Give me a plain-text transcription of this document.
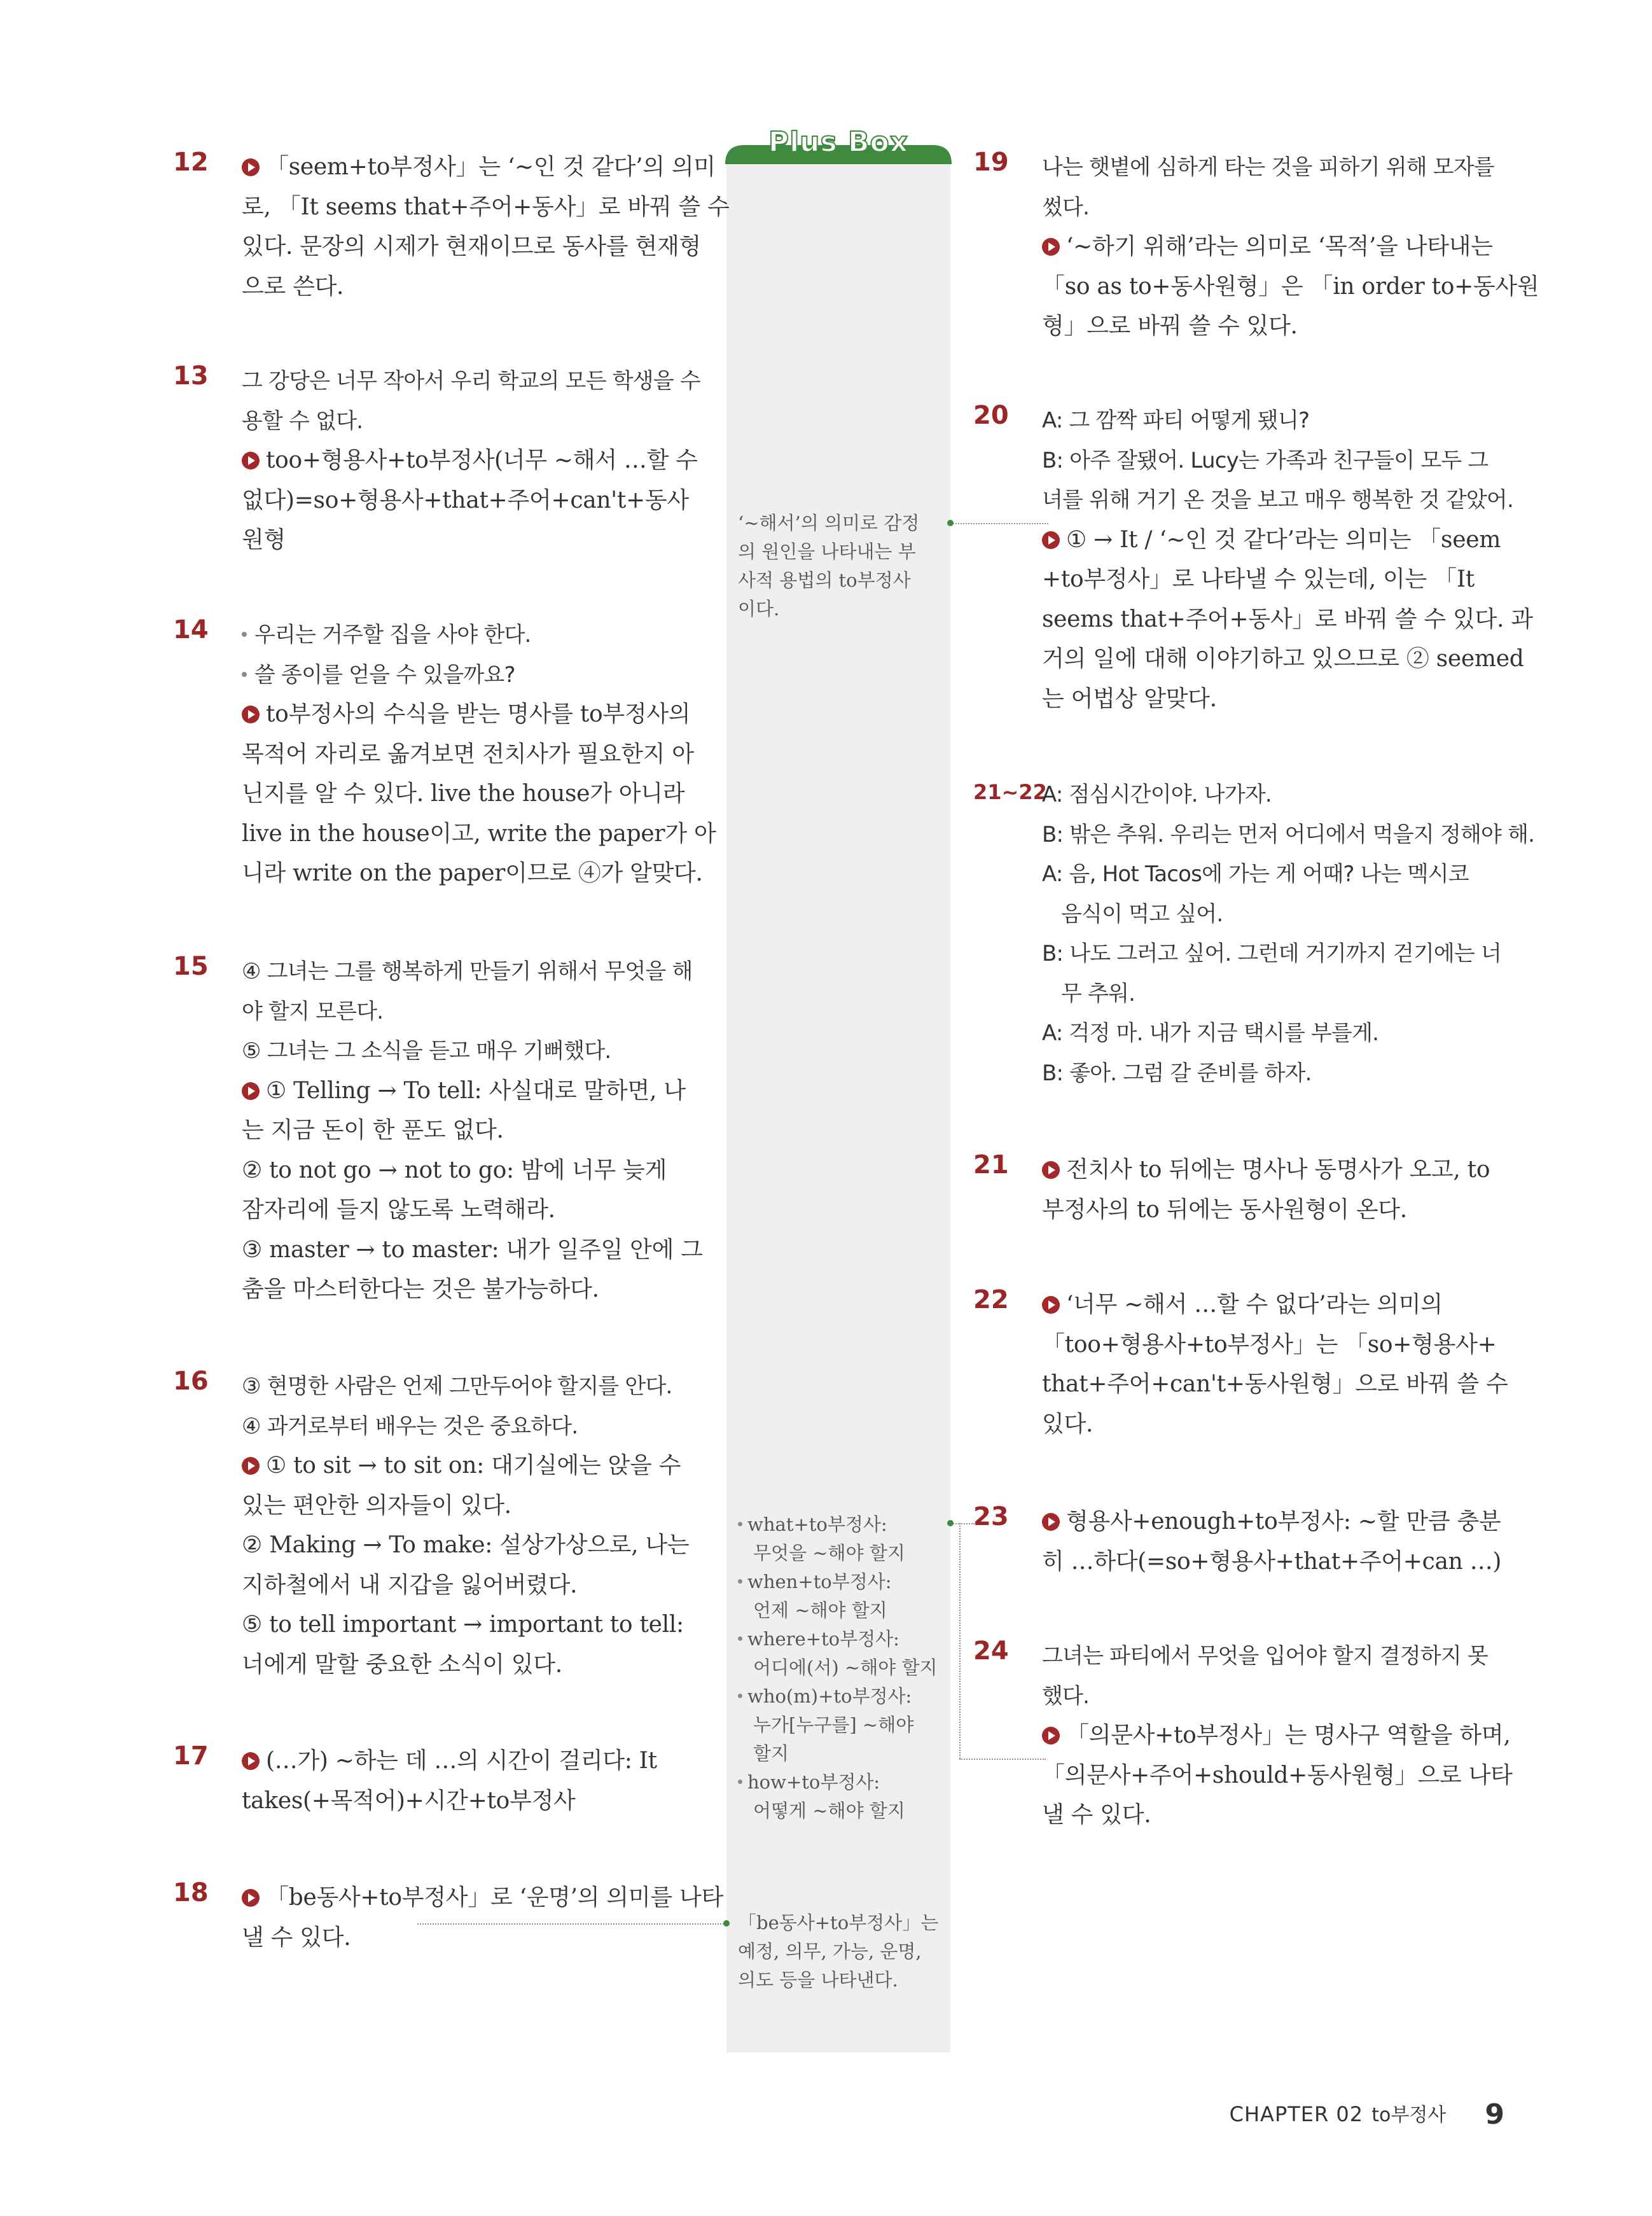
Plus Box
12	「seem+to부정사」는 ‘~인 것 같다’의 의미
로, 「It seems that+주어+동사」로 바꿔 쓸 수
있다. 문장의 시제가 현재이므로 동사를 현재형
으로 쓴다.
13 그 강당은 너무 작아서 우리 학교의 모든 학생을 수
용할 수 없다.
too+형용사+to부정사(너무 ~해서 …할 수
없다)=so+형용사+that+주어+can't+동사
원형
14	우리는 거주할 집을 사야 한다.
쓸 종이를 얻을 수 있을까요?
to부정사의 수식을 받는 명사를 to부정사의
목적어 자리로 옮겨보면 전치사가 필요한지 아
닌지를 알 수 있다. live the house가 아니라
live in the house이고, write the paper가 아
니라 write on the paper이므로 ④가 알맞다.
15 ④ 그녀는 그를 행복하게 만들기 위해서 무엇을 해
야 할지 모른다.
⑤ 그녀는 그 소식을 듣고 매우 기뻐했다.
① Telling → To tell: 사실대로 말하면, 나
는 지금 돈이 한 푼도 없다.
② to not go → not to go: 밤에 너무 늦게
잠자리에 들지 않도록 노력해라.
③ master → to master: 내가 일주일 안에 그
춤을 마스터한다는 것은 불가능하다.
16 ③ 현명한 사람은 언제 그만두어야 할지를 안다.
④ 과거로부터 배우는 것은 중요하다.
① to sit → to sit on: 대기실에는 앉을 수
있는 편안한 의자들이 있다.
② Making → To make: 설상가상으로, 나는
지하철에서 내 지갑을 잃어버렸다.
⑤ to tell important → important to tell:
너에게 말할 중요한 소식이 있다.
17	(…가) ~하는 데 …의 시간이 걸리다: It
takes(+목적어)+시간+to부정사
18	「be동사+to부정사」로 ‘운명’의 의미를 나타
낼 수 있다.
19 나는 햇볕에 심하게 타는 것을 피하기 위해 모자를
썼다.
‘~하기 위해’라는 의미로 ‘목적’을 나타내는
「so as to+동사원형」은 「in order to+동사원
형」으로 바꿔 쓸 수 있다.
20 A: 그 깜짝 파티 어떻게 됐니?
B: 아주 잘됐어. Lucy는 가족과 친구들이 모두 그
녀를 위해 거기 온 것을 보고 매우 행복한 것 같았어.
① → It / ‘~인 것 같다’라는 의미는 「seem
+to부정사」로 나타낼 수 있는데, 이는 「It
seems that+주어+동사」로 바꿔 쓸 수 있다. 과
거의 일에 대해 이야기하고 있으므로 ② seemed
는 어법상 알맞다.
21~22
A: 점심시간이야. 나가자.
B: 밖은 추워. 우리는 먼저 어디에서 먹을지 정해야 해.
A: 음, Hot Tacos에 가는 게 어때? 나는 멕시코
음식이 먹고 싶어.
B: 나도 그러고 싶어. 그런데 거기까지 걷기에는 너
무 추워.
A: 걱정 마. 내가 지금 택시를 부를게.
B: 좋아. 그럼 갈 준비를 하자.
21	전치사 to 뒤에는 명사나 동명사가 오고, to
부정사의 to 뒤에는 동사원형이 온다.
22	‘너무 ~해서 …할 수 없다’라는 의미의
「too+형용사+to부정사」는 「so+형용사+
that+주어+can't+동사원형」으로 바꿔 쓸 수
있다.
23	형용사+enough+to부정사: ~할 만큼 충분
히 …하다(=so+형용사+that+주어+can …)
24 그녀는 파티에서 무엇을 입어야 할지 결정하지 못
했다.
「의문사+to부정사」는 명사구 역할을 하며,
「의문사+주어+should+동사원형」으로 나타
낼 수 있다.
‘~해서’의 의미로 감정
의 원인을 나타내는 부
사적 용법의 to부정사
이다.
what+to부정사:
무엇을 ~해야 할지
when+to부정사:
언제 ~해야 할지
where+to부정사:
어디에(서) ~해야 할지
who(m)+to부정사:
누가[누구를] ~해야
할지
how+to부정사:
어떻게 ~해야 할지
「be동사+to부정사」는
예정, 의무, 가능, 운명,
의도 등을 나타낸다.
CHAPTER 02 to부정사 9
